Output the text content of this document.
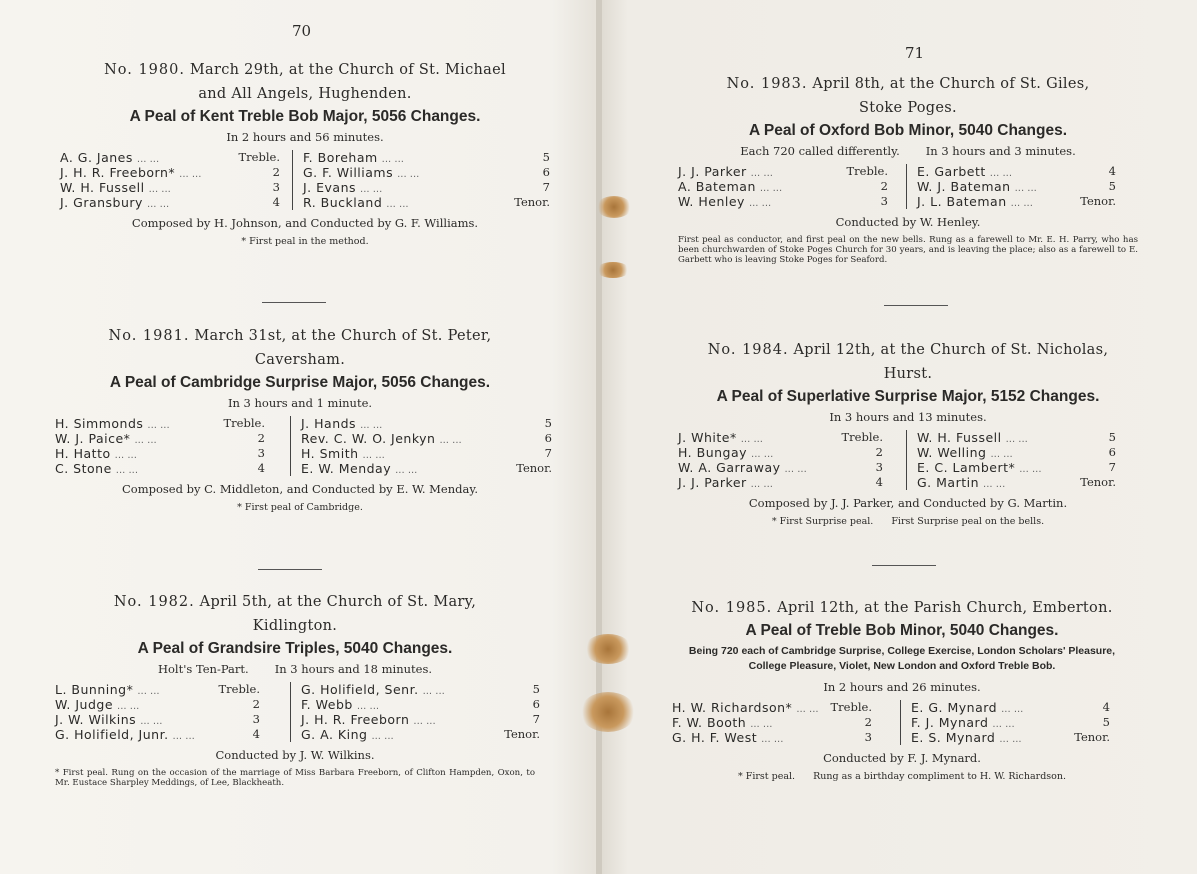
70
71
No. 1980. March 29th, at the Church of St. Michael
and All Angels, Hughenden.
A Peal of Kent Treble Bob Major, 5056 Changes.
In 2 hours and 56 minutes.
A. G. Janes ... ...	Treble.
J. H. R. Freeborn* ... ...	2
W. H. Fussell ... ...	3
J. Gransbury ... ...	4
F. Boreham ... ...	5
G. F. Williams ... ...	6
J. Evans ... ...	7
R. Buckland ... ...	Tenor.
Composed by H. Johnson, and Conducted by G. F. Williams.
* First peal in the method.
No. 1981. March 31st, at the Church of St. Peter,
Caversham.
A Peal of Cambridge Surprise Major, 5056 Changes.
In 3 hours and 1 minute.
H. Simmonds ... ...	Treble.
W. J. Paice* ... ...	2
H. Hatto ... ...	3
C. Stone ... ...	4
J. Hands ... ...	5
Rev. C. W. O. Jenkyn ... ...	6
H. Smith ... ...	7
E. W. Menday ... ...	Tenor.
Composed by C. Middleton, and Conducted by E. W. Menday.
* First peal of Cambridge.
No. 1982. April 5th, at the Church of St. Mary,
Kidlington.
A Peal of Grandsire Triples, 5040 Changes.
Holt's Ten-Part. In 3 hours and 18 minutes.
L. Bunning* ... ...	Treble.
W. Judge ... ...	2
J. W. Wilkins ... ...	3
G. Holifield, Junr. ... ...	4
G. Holifield, Senr. ... ...	5
F. Webb ... ...	6
J. H. R. Freeborn ... ...	7
G. A. King ... ...	Tenor.
Conducted by J. W. Wilkins.
* First peal. Rung on the occasion of the marriage of Miss Barbara Freeborn, of Clifton Hampden, Oxon, to Mr. Eustace Sharpley Meddings, of Lee, Blackheath.
No. 1983. April 8th, at the Church of St. Giles,
Stoke Poges.
A Peal of Oxford Bob Minor, 5040 Changes.
Each 720 called differently. In 3 hours and 3 minutes.
J. J. Parker ... ...	Treble.
A. Bateman ... ...	2
W. Henley ... ...	3
E. Garbett ... ...	4
W. J. Bateman ... ...	5
J. L. Bateman ... ...	Tenor.
Conducted by W. Henley.
First peal as conductor, and first peal on the new bells. Rung as a farewell to Mr. E. H. Parry, who has been churchwarden of Stoke Poges Church for 30 years, and is leaving the place; also as a farewell to E. Garbett who is leaving Stoke Poges for Seaford.
No. 1984. April 12th, at the Church of St. Nicholas,
Hurst.
A Peal of Superlative Surprise Major, 5152 Changes.
In 3 hours and 13 minutes.
J. White* ... ...	Treble.
H. Bungay ... ...	2
W. A. Garraway ... ...	3
J. J. Parker ... ...	4
W. H. Fussell ... ...	5
W. Welling ... ...	6
E. C. Lambert* ... ...	7
G. Martin ... ...	Tenor.
Composed by J. J. Parker, and Conducted by G. Martin.
* First Surprise peal. First Surprise peal on the bells.
No. 1985. April 12th, at the Parish Church, Emberton.
A Peal of Treble Bob Minor, 5040 Changes.
Being 720 each of Cambridge Surprise, College Exercise, London Scholars' Pleasure, College Pleasure, Violet, New London and Oxford Treble Bob.
In 2 hours and 26 minutes.
H. W. Richardson* ... ... Treble.
F. W. Booth ... ...	2
G. H. F. West ... ...	3
E. G. Mynard ... ...	4
F. J. Mynard ... ...	5
E. S. Mynard ... ...	Tenor.
Conducted by F. J. Mynard.
* First peal. Rung as a birthday compliment to H. W. Richardson.
